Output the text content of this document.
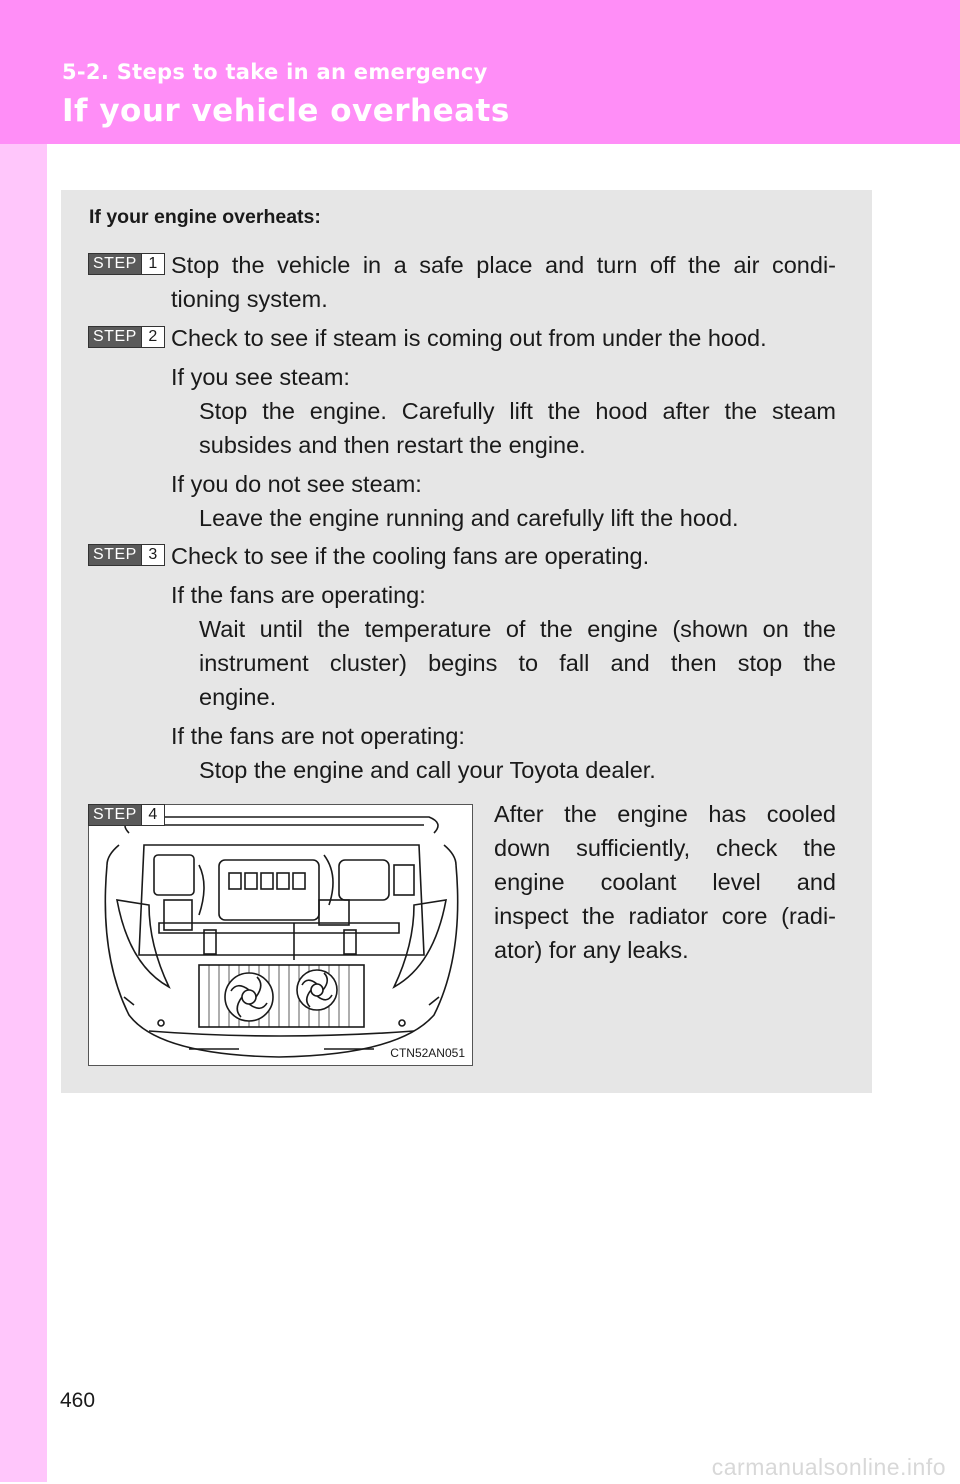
5-2. Steps to take in an emergency
If your vehicle overheats
If your engine overheats:
STEP 1 Stop the vehicle in a safe place and turn off the air condi-
tioning system.
STEP 2 Check to see if steam is coming out from under the hood.
If you see steam:
Stop the engine. Carefully lift the hood after the steam
subsides and then restart the engine.
If you do not see steam:
Leave the engine running and carefully lift the hood.
STEP 3 Check to see if the cooling fans are operating.
If the fans are operating:
Wait until the temperature of the engine (shown on the
instrument cluster) begins to fall and then stop the
engine.
If the fans are not operating:
Stop the engine and call your Toyota dealer.
STEP 4
CTN52AN051
After the engine has cooled
down sufficiently, check the
engine coolant level and
inspect the radiator core (radi-
ator) for any leaks.
460
carmanualsonline.info
